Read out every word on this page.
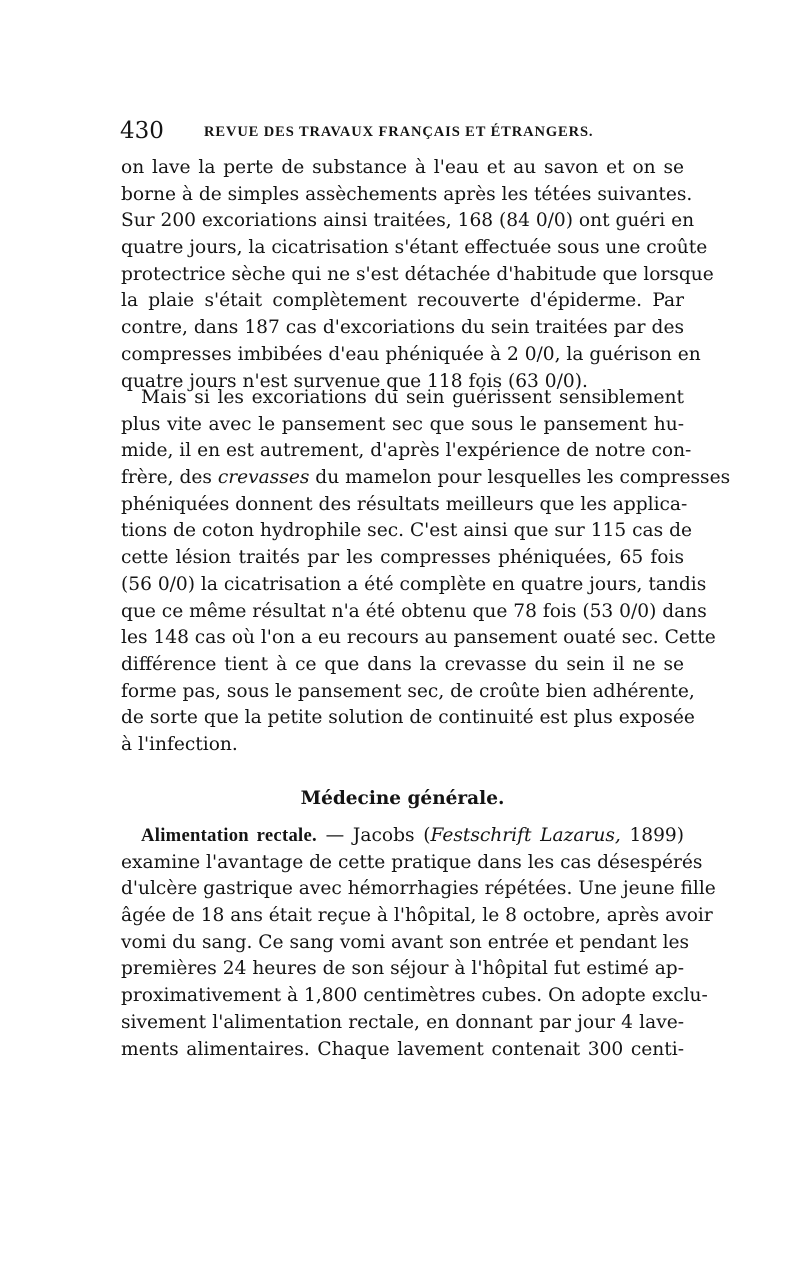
430	REVUE DES TRAVAUX FRANÇAIS ET ÉTRANGERS.
on lave la perte de substance à l'eau et au savon et on se
borne à de simples assèchements après les tétées suivantes.
Sur 200 excoriations ainsi traitées, 168 (84 0/0) ont guéri en
quatre jours, la cicatrisation s'étant effectuée sous une croûte
protectrice sèche qui ne s'est détachée d'habitude que lorsque
la plaie s'était complètement recouverte d'épiderme. Par
contre, dans 187 cas d'excoriations du sein traitées par des
compresses imbibées d'eau phéniquée à 2 0/0, la guérison en
quatre jours n'est survenue que 118 fois (63 0/0).
Mais si les excoriations du sein guérissent sensiblement
plus vite avec le pansement sec que sous le pansement hu-
mide, il en est autrement, d'après l'expérience de notre con-
frère, des crevasses du mamelon pour lesquelles les compresses
phéniquées donnent des résultats meilleurs que les applica-
tions de coton hydrophile sec. C'est ainsi que sur 115 cas de
cette lésion traités par les compresses phéniquées, 65 fois
(56 0/0) la cicatrisation a été complète en quatre jours, tandis
que ce même résultat n'a été obtenu que 78 fois (53 0/0) dans
les 148 cas où l'on a eu recours au pansement ouaté sec. Cette
différence tient à ce que dans la crevasse du sein il ne se
forme pas, sous le pansement sec, de croûte bien adhérente,
de sorte que la petite solution de continuité est plus exposée
à l'infection.
Médecine générale.
Alimentation rectale. — Jacobs (Festschrift Lazarus, 1899)
examine l'avantage de cette pratique dans les cas désespérés
d'ulcère gastrique avec hémorrhagies répétées. Une jeune fille
âgée de 18 ans était reçue à l'hôpital, le 8 octobre, après avoir
vomi du sang. Ce sang vomi avant son entrée et pendant les
premières 24 heures de son séjour à l'hôpital fut estimé ap-
proximativement à 1,800 centimètres cubes. On adopte exclu-
sivement l'alimentation rectale, en donnant par jour 4 lave-
ments alimentaires. Chaque lavement contenait 300 centi-
